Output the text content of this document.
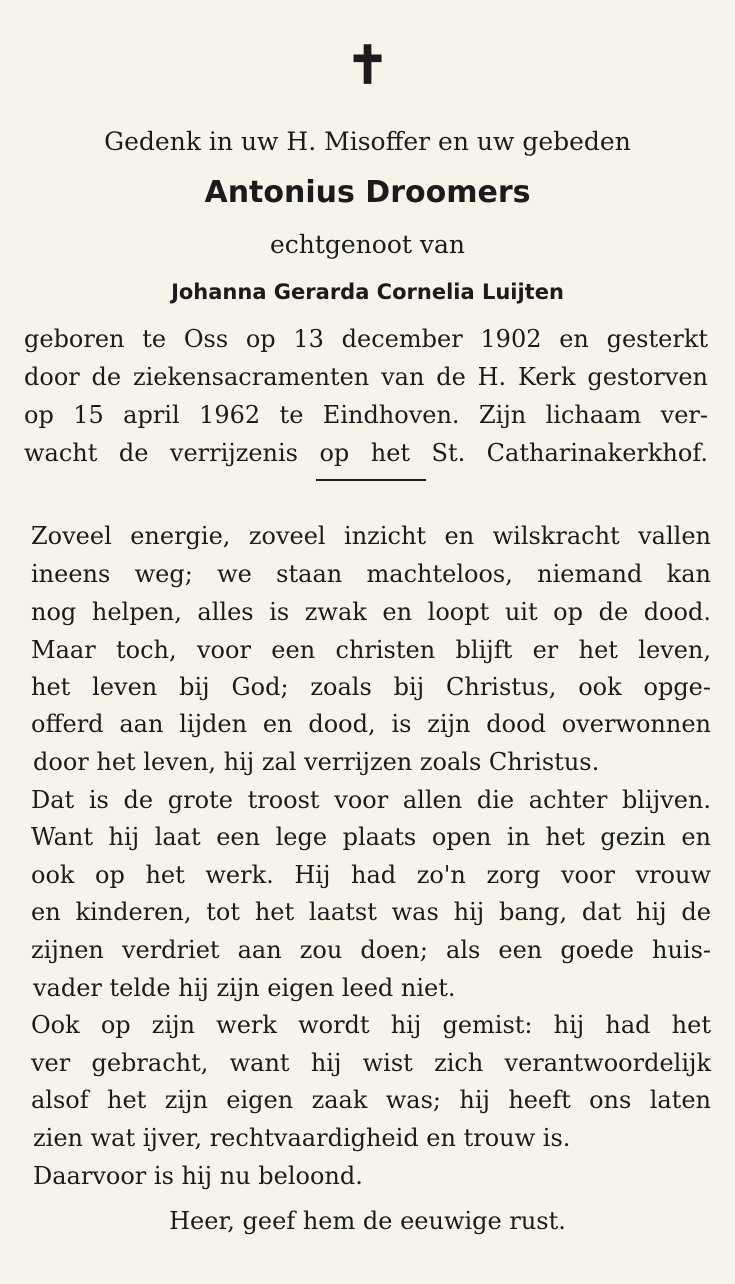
✝
Gedenk in uw H. Misoffer en uw gebeden
Antonius Droomers
echtgenoot van
Johanna Gerarda Cornelia Luijten
geboren te Oss op 13 december 1902 en gesterkt
door de ziekensacramenten van de H. Kerk gestorven
op 15 april 1962 te Eindhoven. Zijn lichaam ver-
wacht de verrijzenis op het St. Catharinakerkhof.
Zoveel energie, zoveel inzicht en wilskracht vallen
ineens weg; we staan machteloos, niemand kan
nog helpen, alles is zwak en loopt uit op de dood.
Maar toch, voor een christen blijft er het leven,
het leven bij God; zoals bij Christus, ook opge-
offerd aan lijden en dood, is zijn dood overwonnen
door het leven, hij zal verrijzen zoals Christus.
Dat is de grote troost voor allen die achter blijven.
Want hij laat een lege plaats open in het gezin en
ook op het werk. Hij had zo'n zorg voor vrouw
en kinderen, tot het laatst was hij bang, dat hij de
zijnen verdriet aan zou doen; als een goede huis-
vader telde hij zijn eigen leed niet.
Ook op zijn werk wordt hij gemist: hij had het
ver gebracht, want hij wist zich verantwoordelijk
alsof het zijn eigen zaak was; hij heeft ons laten
zien wat ijver, rechtvaardigheid en trouw is.
Daarvoor is hij nu beloond.
Heer, geef hem de eeuwige rust.
